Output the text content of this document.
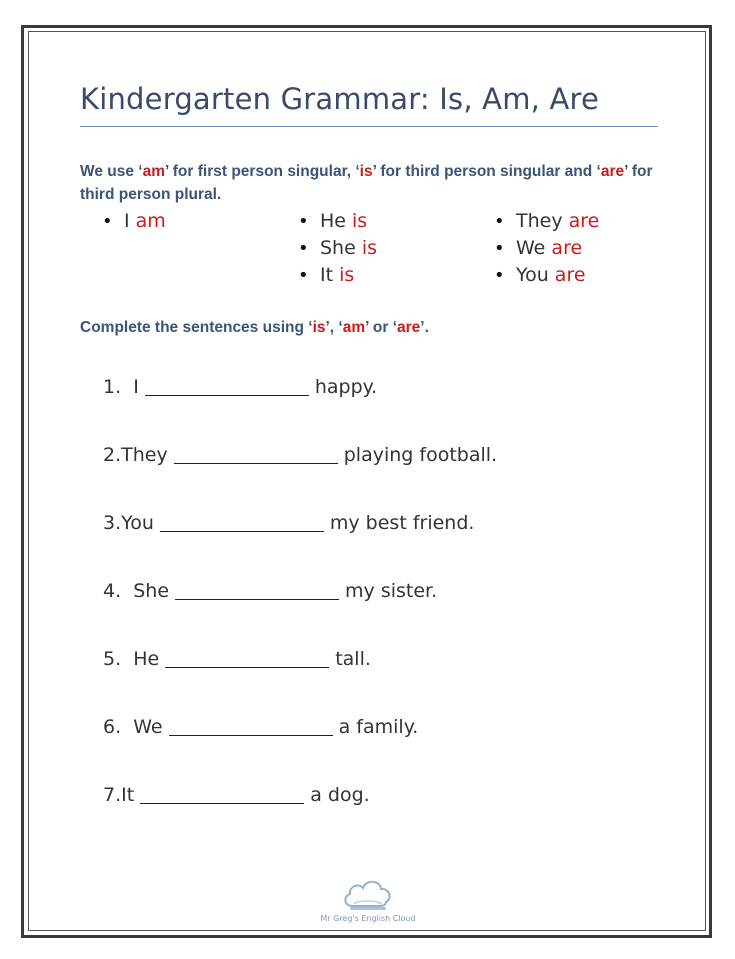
Kindergarten Grammar: Is, Am, Are
We use ‘am’ for first person singular, ‘is’ for third person singular and ‘are’ for third person plural.
• I am
•	He is
• She is
• It is
• They are
• We are
• You are
Complete the sentences using ‘is’, ‘am’ or ‘are’.
1. I	happy.
2.They	playing football.
3.You	my best friend.
4. She	my sister.
5. He	tall.
6. We	a family.
7.It	a dog.
Mr Greg's English Cloud
